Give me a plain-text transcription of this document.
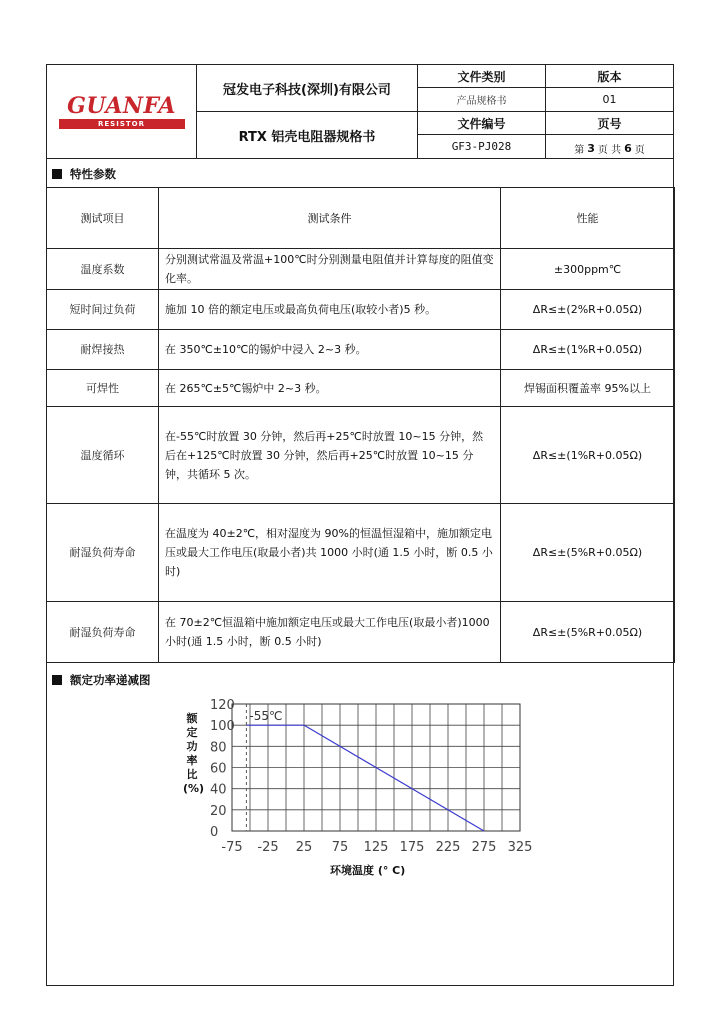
GUANFA
RESISTOR
冠发电子科技(深圳)有限公司
RTX 铝壳电阻器规格书
文件类别	版本
产品规格书	01
文件编号	页号
GF3-PJ028	第 3 页 共 6 页
特性参数
测试项目	测试条件	性能
温度系数	分别测试常温及常温+100℃时分别测量电阻值并计算每度的阻值变化率。	±300ppm℃
短时间过负荷	施加 10 倍的额定电压或最高负荷电压(取较小者)5 秒。	ΔR≤±(2%R+0.05Ω)
耐焊接热	在 350℃±10℃的锡炉中浸入 2~3 秒。	ΔR≤±(1%R+0.05Ω)
可焊性	在 265℃±5℃锡炉中 2~3 秒。	焊锡面积覆盖率 95%以上
温度循环	在-55℃时放置 30 分钟，然后再+25℃时放置 10~15 分钟，然后在+125℃时放置 30 分钟，然后再+25℃时放置 10~15 分钟，共循环 5 次。	ΔR≤±(1%R+0.05Ω)
耐湿负荷寿命	在温度为 40±2℃，相对湿度为 90%的恒温恒湿箱中，施加额定电压或最大工作电压(取最小者)共 1000 小时(通 1.5 小时，断 0.5 小时)	ΔR≤±(5%R+0.05Ω)
耐湿负荷寿命	在 70±2℃恒温箱中施加额定电压或最大工作电压(取最小者)1000 小时(通 1.5 小时，断 0.5 小时)	ΔR≤±(5%R+0.05Ω)
额定功率递减图
0
20
40
60
80
100
120
-75 -25 25 75 125 175 225 275 325
-55℃
额
定
功
率
比
(%)
环境温度 (° C)
